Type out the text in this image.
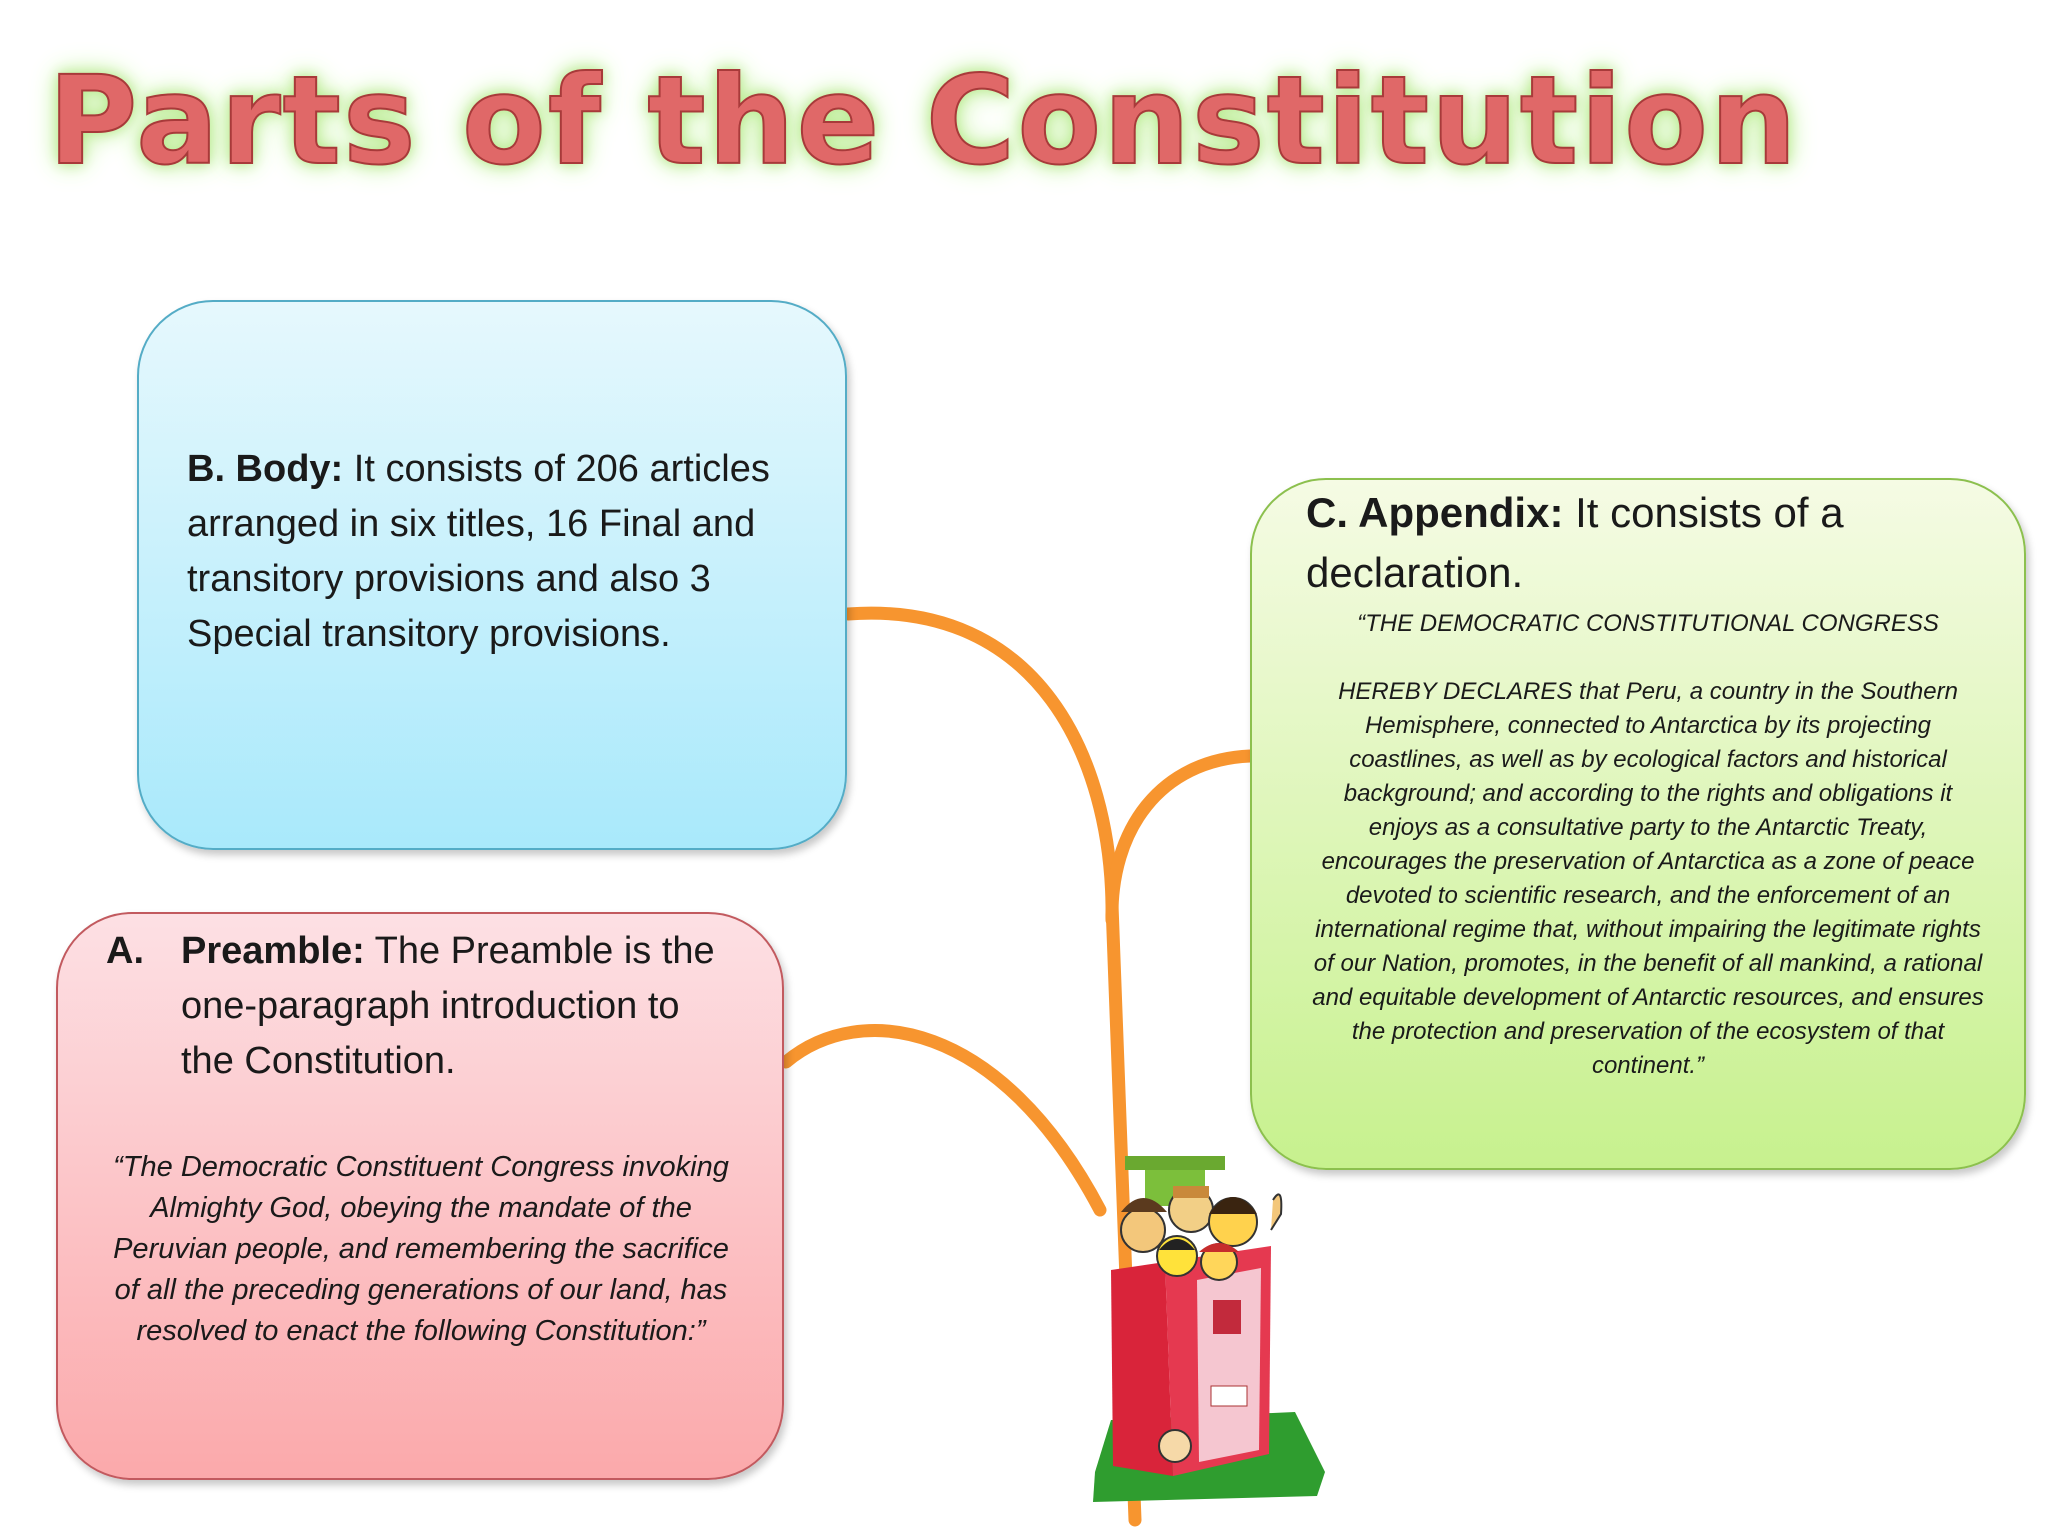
Parts of the Constitution
B. Body: It consists of 206 articles arranged in six titles, 16 Final and transitory provisions and also 3 Special transitory provisions.
A. Preamble: The Preamble is the one-paragraph introduction to the Constitution.
“The Democratic Constituent Congress invoking Almighty God, obeying the mandate of the Peruvian people, and remembering the sacrifice of all the preceding generations of our land, has resolved to enact the following Constitution:”
C. Appendix: It consists of a declaration.

“THE DEMOCRATIC CONSTITUTIONAL CONGRESS

HEREBY DECLARES that Peru, a country in the Southern Hemisphere, connected to Antarctica by its projecting coastlines, as well as by ecological factors and historical background; and according to the rights and obligations it enjoys as a consultative party to the Antarctic Treaty, encourages the preservation of Antarctica as a zone of peace devoted to scientific research, and the enforcement of an international regime that, without impairing the legitimate rights of our Nation, promotes, in the benefit of all mankind, a rational and equitable development of Antarctic resources, and ensures the protection and preservation of the ecosystem of that continent.”
